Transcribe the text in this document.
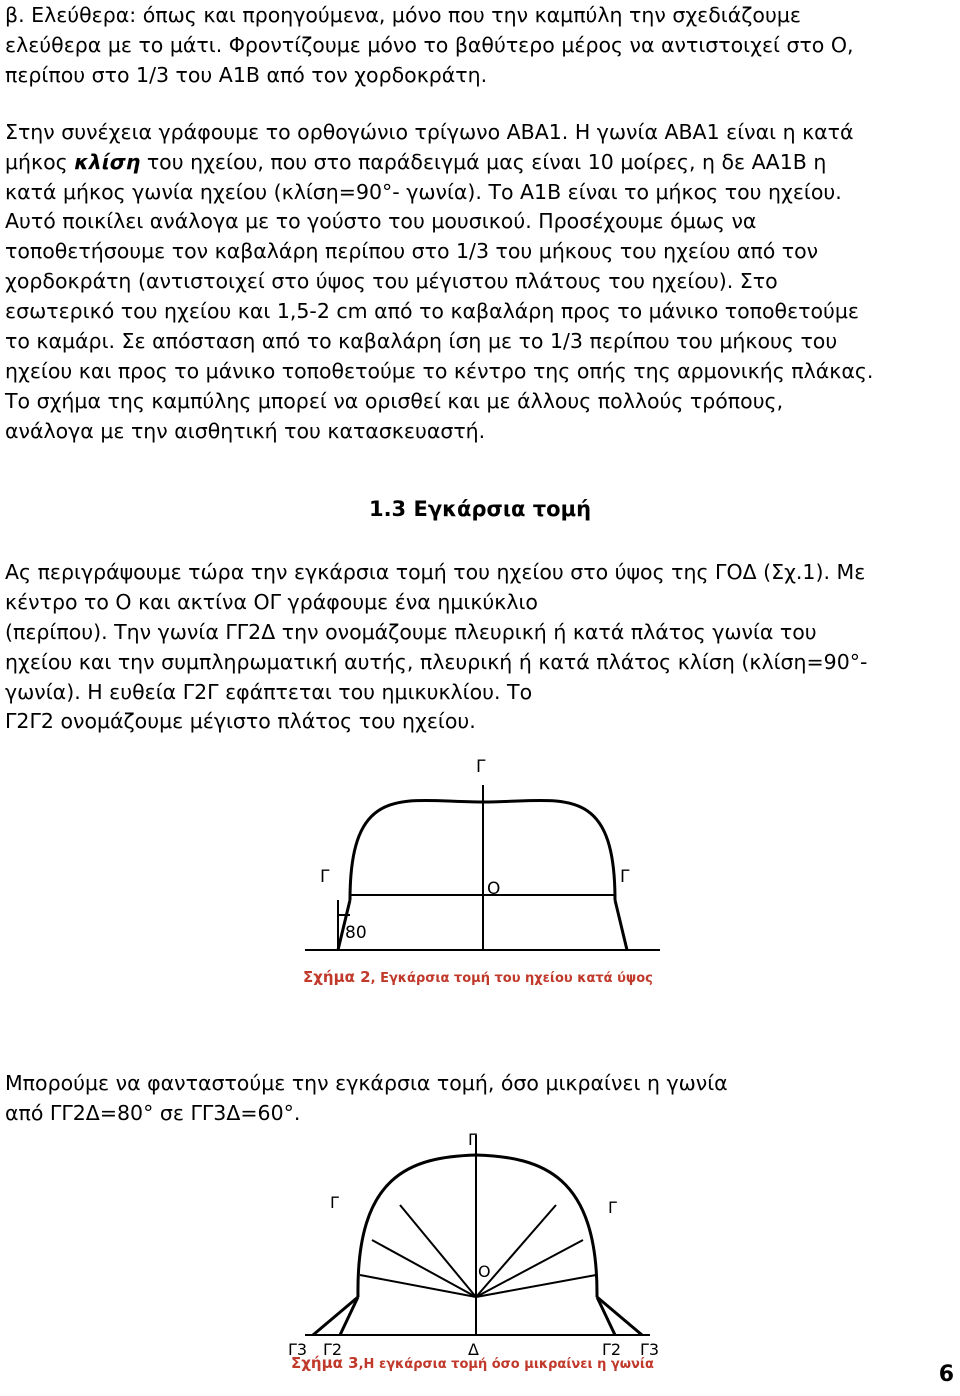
β. Ελεύθερα: όπως και προηγούμενα, μόνο που την καμπύλη την σχεδιάζουμε
ελεύθερα με το μάτι. Φροντίζουμε μόνο το βαθύτερο μέρος να αντιστοιχεί στο Ο,
περίπου στο 1/3 του Α1Β από τον χορδοκράτη.
Στην συνέχεια γράφουμε το ορθογώνιο τρίγωνο ΑΒΑ1. Η γωνία ΑΒΑ1 είναι η κατά
μήκος κλίση του ηχείου, που στο παράδειγμά μας είναι 10 μοίρες, η δε ΑΑ1Β η
κατά μήκος γωνία ηχείου (κλίση=90°- γωνία). Το Α1Β είναι το μήκος του ηχείου.
Αυτό ποικίλει ανάλογα με το γούστο του μουσικού. Προσέχουμε όμως να
τοποθετήσουμε τον καβαλάρη περίπου στο 1/3 του μήκους του ηχείου από τον
χορδοκράτη (αντιστοιχεί στο ύψος του μέγιστου πλάτους του ηχείου). Στο
εσωτερικό του ηχείου και 1,5-2 cm από το καβαλάρη προς το μάνικο τοποθετούμε
το καμάρι. Σε απόσταση από το καβαλάρη ίση με το 1/3 περίπου του μήκους του
ηχείου και προς το μάνικο τοποθετούμε το κέντρο της οπής της αρμονικής πλάκας.
Το σχήμα της καμπύλης μπορεί να ορισθεί και με άλλους πολλούς τρόπους,
ανάλογα με την αισθητική του κατασκευαστή.
1.3 Εγκάρσια τομή
Ας περιγράψουμε τώρα την εγκάρσια τομή του ηχείου στο ύψος της ΓΟΔ (Σχ.1). Με
κέντρο το Ο και ακτίνα ΟΓ γράφουμε ένα ημικύκλιο
(περίπου). Την γωνία ΓΓ2Δ την ονομάζουμε πλευρική ή κατά πλάτος γωνία του
ηχείου και την συμπληρωματική αυτής, πλευρική ή κατά πλάτος κλίση (κλίση=90°-
γωνία). Η ευθεία Γ2Γ εφάπτεται του ημικυκλίου. Το
Γ2Γ2 ονομάζουμε μέγιστο πλάτος του ηχείου.
Γ
Γ	Γ
Ο
80
Σχήμα 2, Εγκάρσια τομή του ηχείου κατά ύψος
Μπορούμε να φανταστούμε την εγκάρσια τομή, όσο μικραίνει η γωνία
από ΓΓ2Δ=80° σε ΓΓ3Δ=60°.
Γ
Γ	Γ
Ο
Γ3 Γ2	Δ	Γ2 Γ3
Σχήμα 3,Η εγκάρσια τομή όσο μικραίνει η γωνία	6
